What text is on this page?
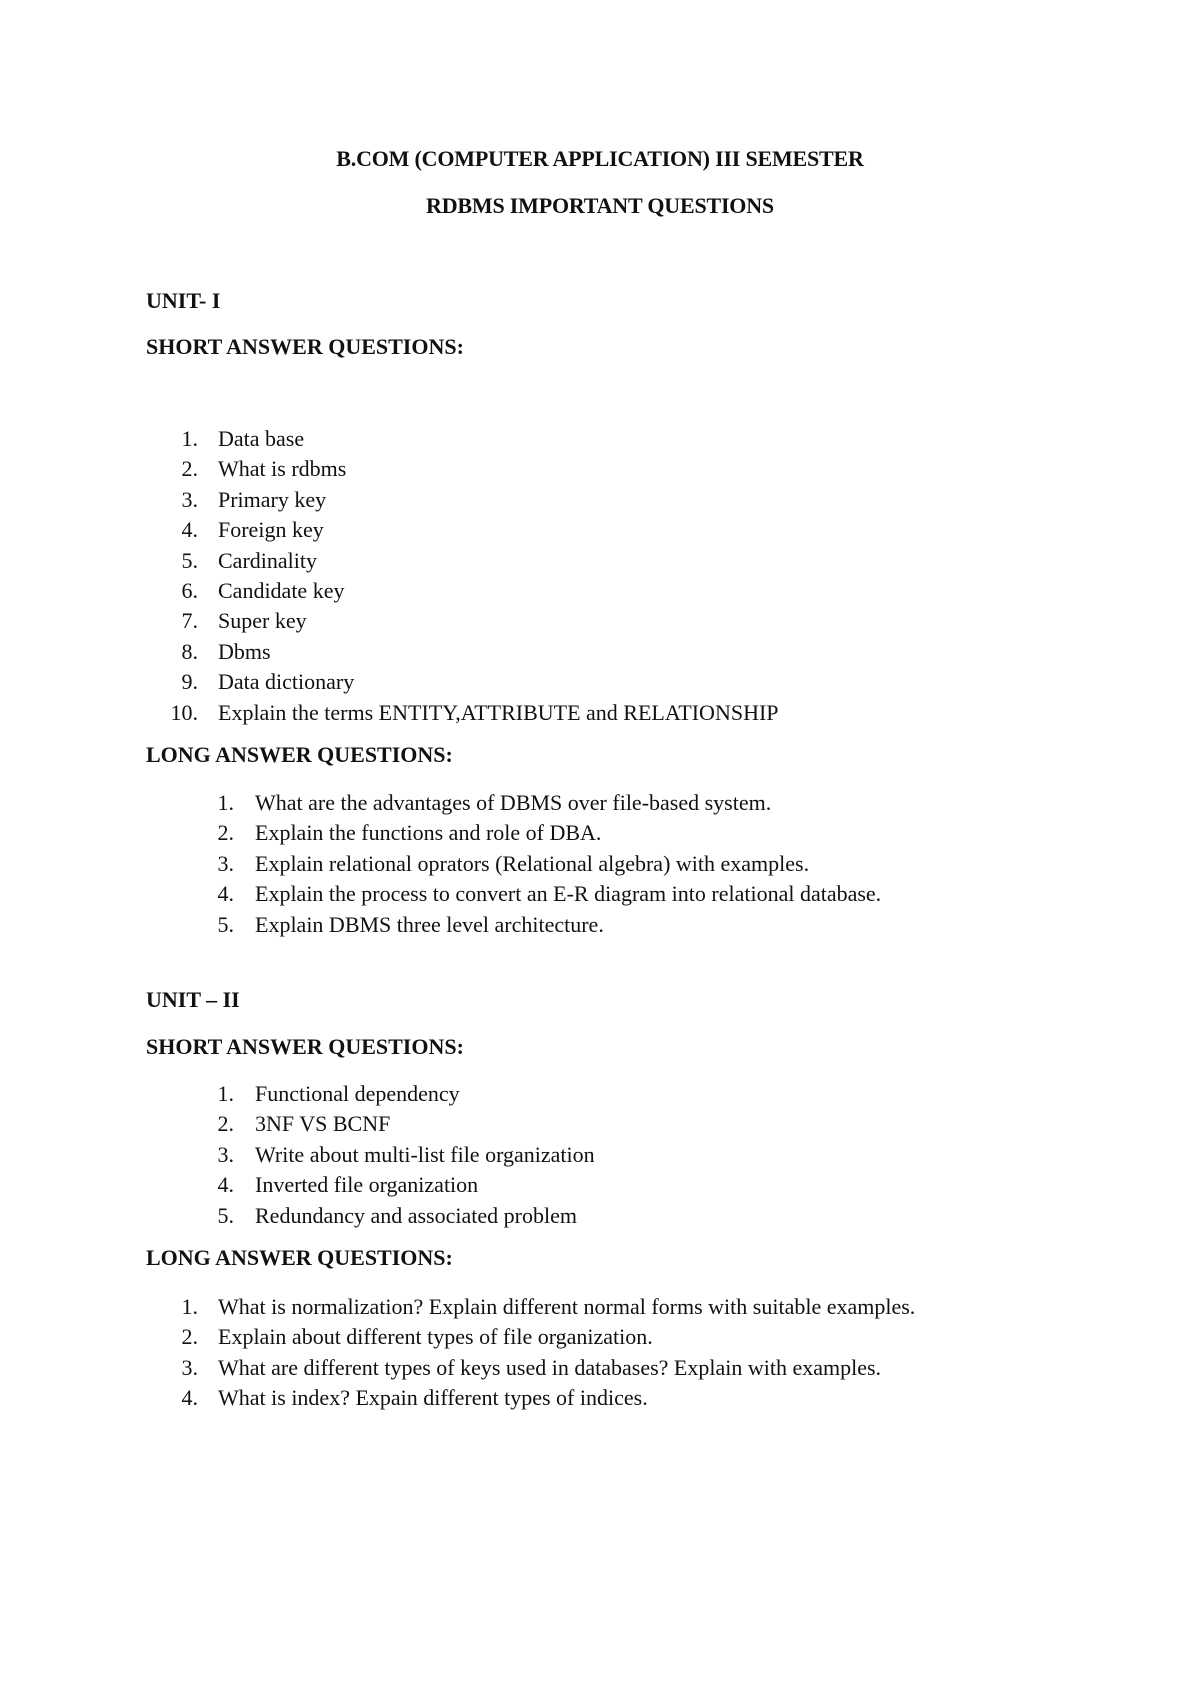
B.COM (COMPUTER APPLICATION) III SEMESTER
RDBMS IMPORTANT QUESTIONS
UNIT- I
SHORT ANSWER QUESTIONS:
1. Data base
2. What is rdbms
3. Primary key
4. Foreign key
5. Cardinality
6. Candidate key
7. Super key
8. Dbms
9. Data dictionary
10. Explain the terms ENTITY,ATTRIBUTE and RELATIONSHIP
LONG ANSWER QUESTIONS:
1. What are the advantages of DBMS over file-based system.
2. Explain the functions and role of DBA.
3. Explain relational oprators (Relational algebra) with examples.
4. Explain the process to convert an E-R diagram into relational database.
5. Explain DBMS three level architecture.
UNIT – II
SHORT ANSWER QUESTIONS:
1. Functional dependency
2. 3NF VS BCNF
3. Write about multi-list file organization
4. Inverted file organization
5. Redundancy and associated problem
LONG ANSWER QUESTIONS:
1. What is normalization? Explain different normal forms with suitable examples.
2. Explain about different types of file organization.
3. What are different types of keys used in databases? Explain with examples.
4. What is index? Expain different types of indices.
